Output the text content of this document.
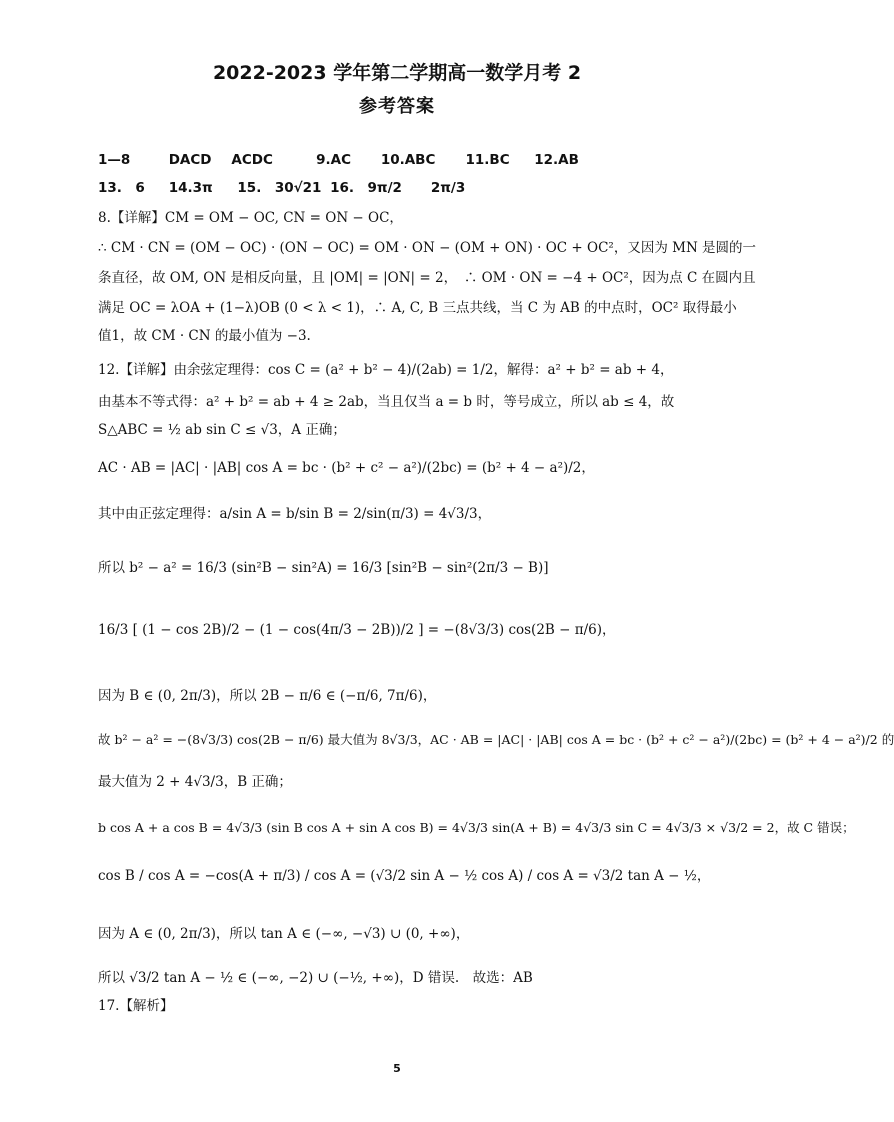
2022-2023 学年第二学期高一数学月考 2
参考答案
1—8	DACD ACDC	9.AC 10.ABC 11.BC 12.AB
13.　6 14.3π 15.　30√21 16.　9π/2 2π/3
8.【详解】CM = OM − OC, CN = ON − OC，
∴ CM · CN = (OM − OC) · (ON − OC) = OM · ON − (OM + ON) · OC + OC²，又因为 MN 是圆的一
条直径，故 OM, ON 是相反向量，且 |OM| = |ON| = 2，　∴ OM · ON = −4 + OC²，因为点 C 在圆内且
满足 OC = λOA + (1−λ)OB (0 < λ < 1)，∴ A, C, B 三点共线，当 C 为 AB 的中点时，OC² 取得最小
值1，故 CM · CN 的最小值为 −3.
12.【详解】由余弦定理得：cos C = (a² + b² − 4)/(2ab) = 1/2，解得：a² + b² = ab + 4，
由基本不等式得：a² + b² = ab + 4 ≥ 2ab，当且仅当 a = b 时，等号成立，所以 ab ≤ 4，故
S△ABC = ½ ab sin C ≤ √3，A 正确；
AC · AB = |AC| · |AB| cos A = bc · (b² + c² − a²)/(2bc) = (b² + 4 − a²)/2，
其中由正弦定理得：a/sin A = b/sin B = 2/sin(π/3) = 4√3/3，
所以 b² − a² = 16/3 (sin²B − sin²A) = 16/3 [sin²B − sin²(2π/3 − B)]
16/3 [ (1 − cos 2B)/2 − (1 − cos(4π/3 − 2B))/2 ] = −(8√3/3) cos(2B − π/6)，
因为 B ∈ (0, 2π/3)，所以 2B − π/6 ∈ (−π/6, 7π/6)，
故 b² − a² = −(8√3/3) cos(2B − π/6) 最大值为 8√3/3，AC · AB = |AC| · |AB| cos A = bc · (b² + c² − a²)/(2bc) = (b² + 4 − a²)/2 的
最大值为 2 + 4√3/3，B 正确；
b cos A + a cos B = 4√3/3 (sin B cos A + sin A cos B) = 4√3/3 sin(A + B) = 4√3/3 sin C = 4√3/3 × √3/2 = 2，故 C 错误；
cos B / cos A = −cos(A + π/3) / cos A = (√3/2 sin A − ½ cos A) / cos A = √3/2 tan A − ½，
因为 A ∈ (0, 2π/3)，所以 tan A ∈ (−∞, −√3) ∪ (0, +∞)，
所以 √3/2 tan A − ½ ∈ (−∞, −2) ∪ (−½, +∞)，D 错误.　故选：AB
17.【解析】
5
